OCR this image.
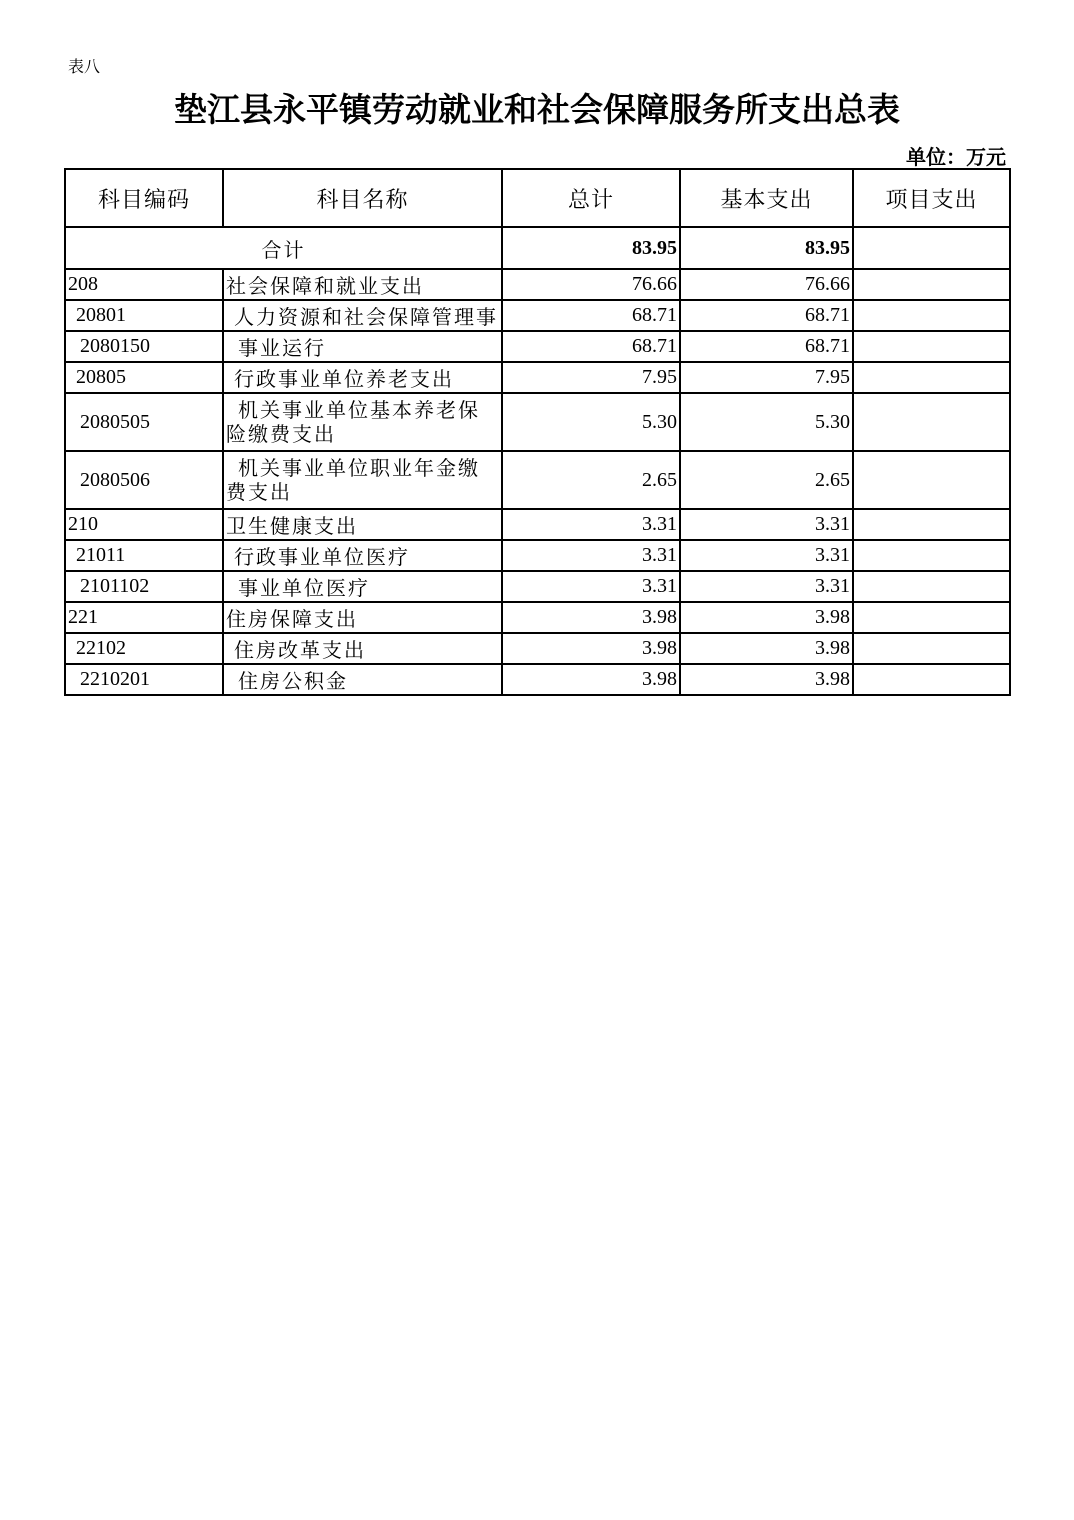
表八
垫江县永平镇劳动就业和社会保障服务所支出总表
单位：万元
科目编码	科目名称	总计	基本支出	项目支出
合计		83.95	83.95	
208	社会保障和就业支出	76.66	76.66	
20801	人力资源和社会保障管理事	68.71	68.71	
2080150	事业运行	68.71	68.71	
20805	行政事业单位养老支出	7.95	7.95	
2080505	机关事业单位基本养老保险缴费支出	5.30	5.30	
2080506	机关事业单位职业年金缴费支出	2.65	2.65	
210	卫生健康支出	3.31	3.31	
21011	行政事业单位医疗	3.31	3.31	
2101102	事业单位医疗	3.31	3.31	
221	住房保障支出	3.98	3.98	
22102	住房改革支出	3.98	3.98	
2210201	住房公积金	3.98	3.98	
